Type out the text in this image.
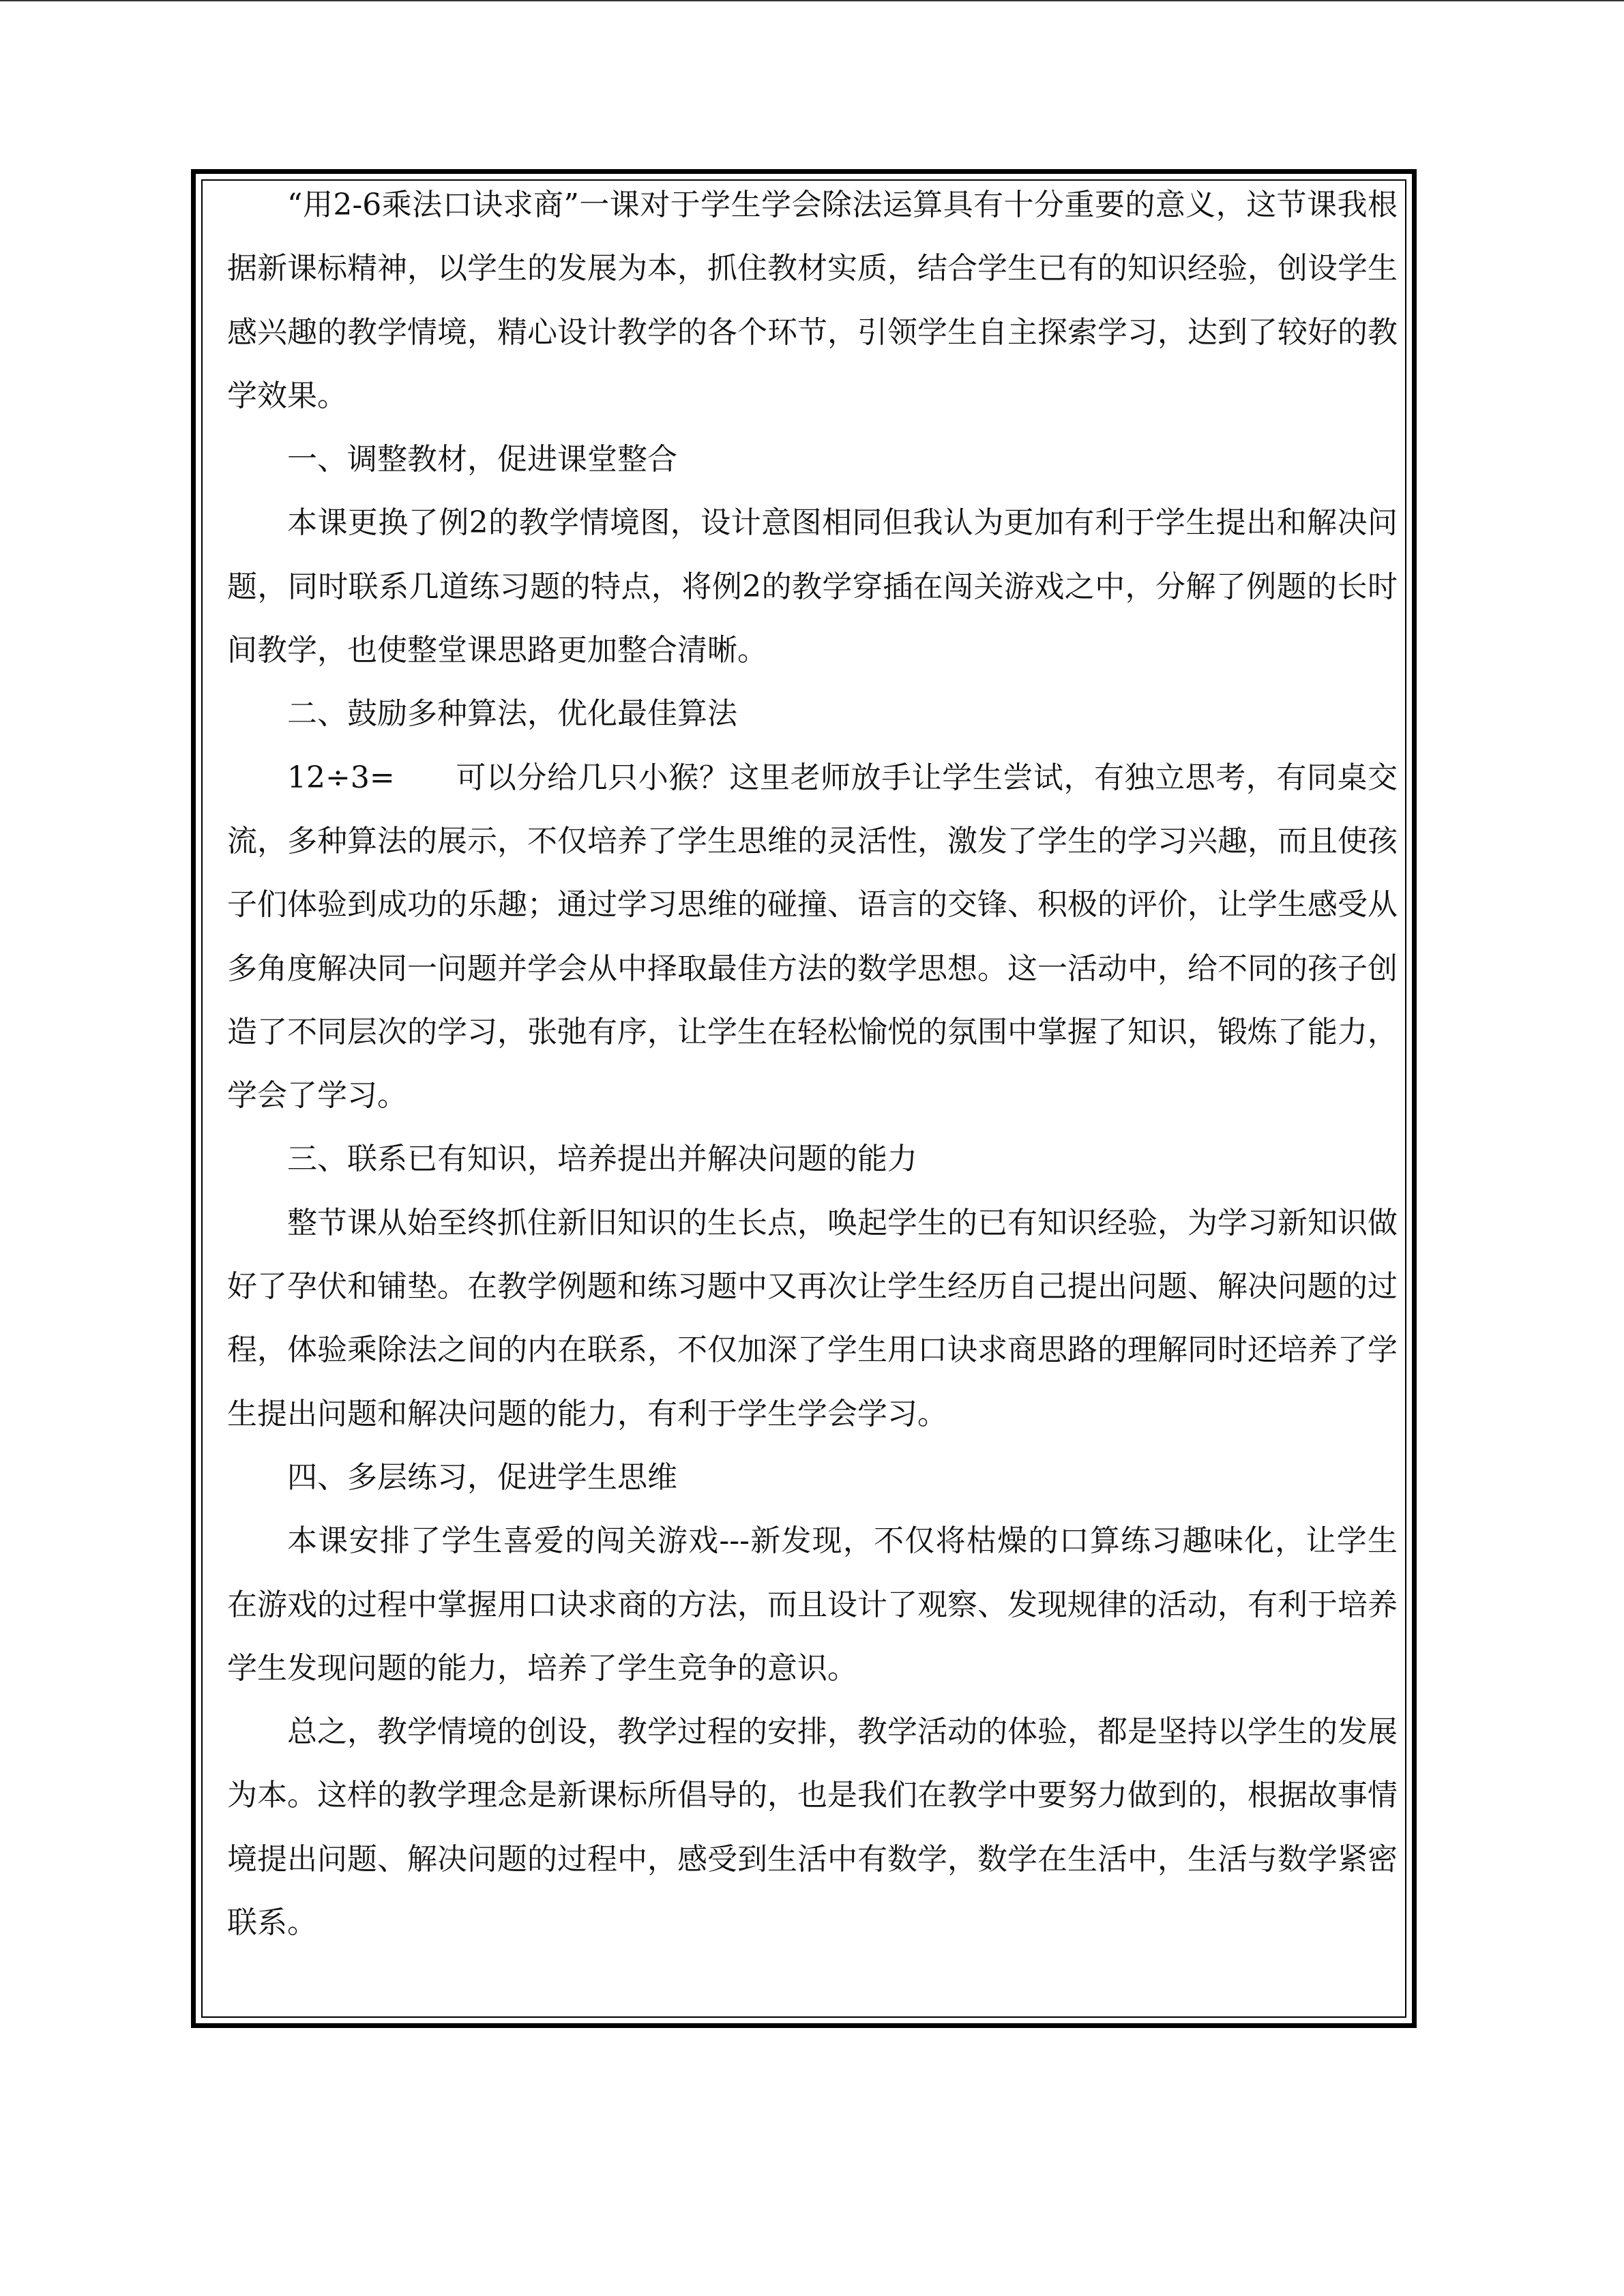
“用2-6乘法口诀求商”一课对于学生学会除法运算具有十分重要的意义，这节课我根据新课标精神，以学生的发展为本，抓住教材实质，结合学生已有的知识经验，创设学生感兴趣的教学情境，精心设计教学的各个环节，引领学生自主探索学习，达到了较好的教学效果。

一、调整教材，促进课堂整合

本课更换了例2的教学情境图，设计意图相同但我认为更加有利于学生提出和解决问题，同时联系几道练习题的特点，将例2的教学穿插在闯关游戏之中，分解了例题的长时间教学，也使整堂课思路更加整合清晰。

二、鼓励多种算法，优化最佳算法

12÷3=　　可以分给几只小猴？这里老师放手让学生尝试，有独立思考，有同桌交流，多种算法的展示，不仅培养了学生思维的灵活性，激发了学生的学习兴趣，而且使孩子们体验到成功的乐趣；通过学习思维的碰撞、语言的交锋、积极的评价，让学生感受从多角度解决同一问题并学会从中择取最佳方法的数学思想。这一活动中，给不同的孩子创造了不同层次的学习，张弛有序，让学生在轻松愉悦的氛围中掌握了知识，锻炼了能力，学会了学习。

三、联系已有知识，培养提出并解决问题的能力

整节课从始至终抓住新旧知识的生长点，唤起学生的已有知识经验，为学习新知识做好了孕伏和铺垫。在教学例题和练习题中又再次让学生经历自己提出问题、解决问题的过程，体验乘除法之间的内在联系，不仅加深了学生用口诀求商思路的理解同时还培养了学生提出问题和解决问题的能力，有利于学生学会学习。

四、多层练习，促进学生思维

本课安排了学生喜爱的闯关游戏---新发现，不仅将枯燥的口算练习趣味化，让学生在游戏的过程中掌握用口诀求商的方法，而且设计了观察、发现规律的活动，有利于培养学生发现问题的能力，培养了学生竞争的意识。

总之，教学情境的创设，教学过程的安排，教学活动的体验，都是坚持以学生的发展为本。这样的教学理念是新课标所倡导的，也是我们在教学中要努力做到的，根据故事情境提出问题、解决问题的过程中，感受到生活中有数学，数学在生活中，生活与数学紧密联系。
